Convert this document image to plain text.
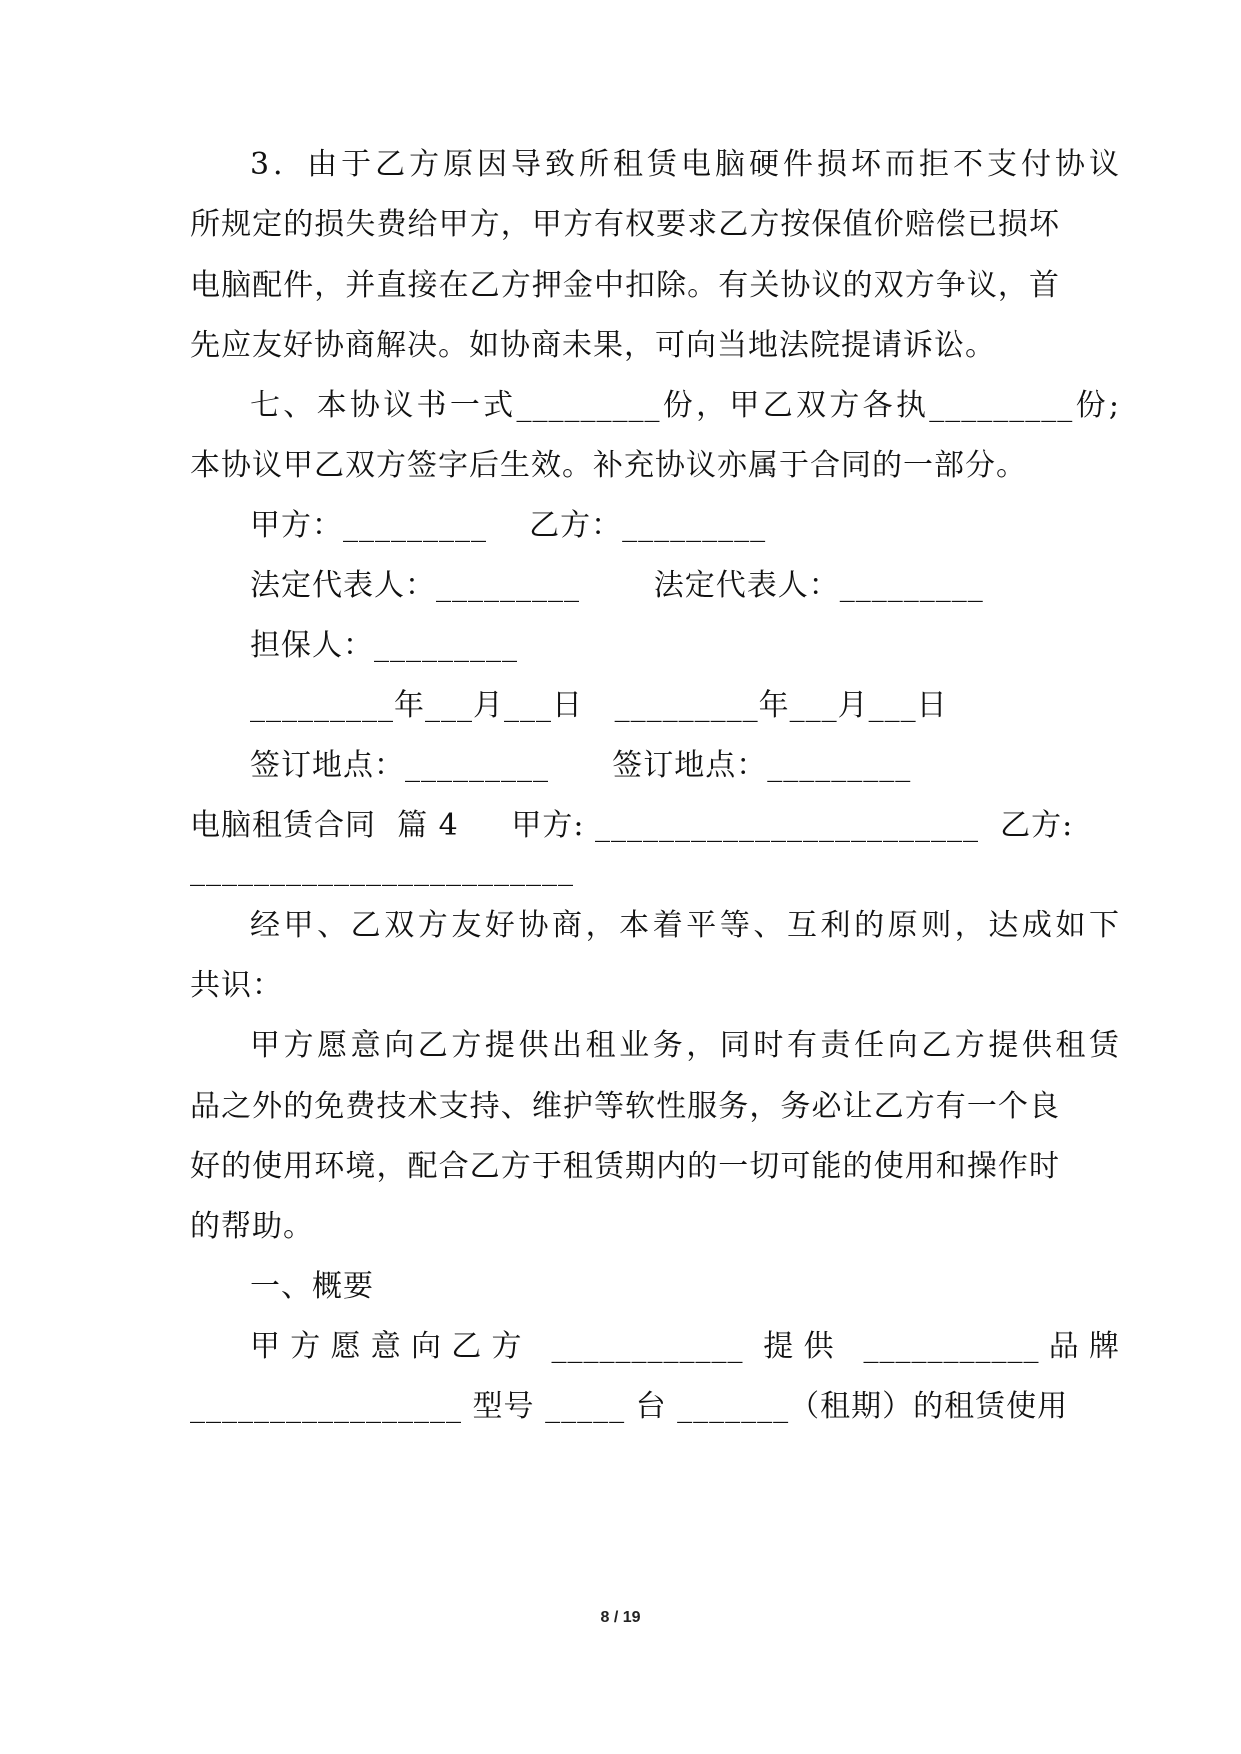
3．由于乙方原因导致所租赁电脑硬件损坏而拒不支付协议
所规定的损失费给甲方，甲方有权要求乙方按保值价赔偿已损坏
电脑配件，并直接在乙方押金中扣除。有关协议的双方争议，首
先应友好协商解决。如协商未果，可向当地法院提请诉讼。
七、本协议书一式_________份，甲乙双方各执_________份;
本协议甲乙双方签字后生效。补充协议亦属于合同的一部分。
甲方：_________    乙方：_________
法定代表人：_________       法定代表人：_________
担保人：_________
_________年___月___日   _________年___月___日
签订地点：_________      签订地点：_________
电脑租赁合同  篇 4     甲方: ________________________  乙方:
________________________
经甲、乙双方友好协商，本着平等、互利的原则，达成如下
共识：
甲方愿意向乙方提供出租业务，同时有责任向乙方提供租赁
品之外的免费技术支持、维护等软性服务，务必让乙方有一个良
好的使用环境，配合乙方于租赁期内的一切可能的使用和操作时
的帮助。
一、概要
甲方愿意向乙方 ____________ 提供 ___________品牌
_________________ 型号 _____ 台 _______（租期）的租赁使用
8 / 19
